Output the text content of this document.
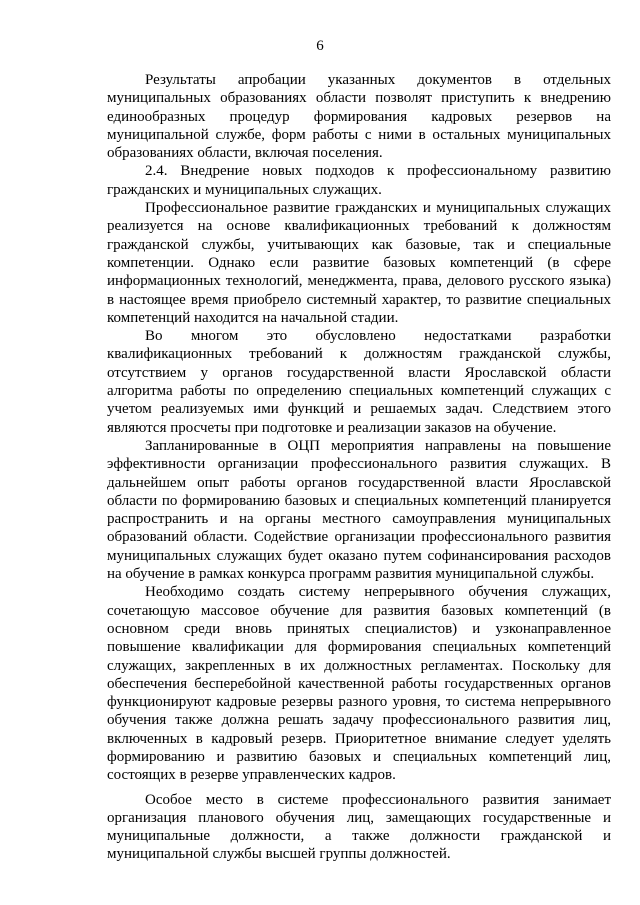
6

Результаты апробации указанных документов в отдельных муниципальных образованиях области позволят приступить к внедрению единообразных процедур формирования кадровых резервов на муниципальной службе, форм работы с ними в остальных муниципальных образованиях области, включая поселения.

2.4. Внедрение новых подходов к профессиональному развитию гражданских и муниципальных служащих.

Профессиональное развитие гражданских и муниципальных служащих реализуется на основе квалификационных требований к должностям гражданской службы, учитывающих как базовые, так и специальные компетенции. Однако если развитие базовых компетенций (в сфере информационных технологий, менеджмента, права, делового русского языка) в настоящее время приобрело системный характер, то развитие специальных компетенций находится на начальной стадии.

Во многом это обусловлено недостатками разработки квалификационных требований к должностям гражданской службы, отсутствием у органов государственной власти Ярославской области алгоритма работы по определению специальных компетенций служащих с учетом реализуемых ими функций и решаемых задач. Следствием этого являются просчеты при подготовке и реализации заказов на обучение.

Запланированные в ОЦП мероприятия направлены на повышение эффективности организации профессионального развития служащих. В дальнейшем опыт работы органов государственной власти Ярославской области по формированию базовых и специальных компетенций планируется распространить и на органы местного самоуправления муниципальных образований области. Содействие организации профессионального развития муниципальных служащих будет оказано путем софинансирования расходов на обучение в рамках конкурса программ развития муниципальной службы.

Необходимо создать систему непрерывного обучения служащих, сочетающую массовое обучение для развития базовых компетенций (в основном среди вновь принятых специалистов) и узконаправленное повышение квалификации для формирования специальных компетенций служащих, закрепленных в их должностных регламентах. Поскольку для обеспечения бесперебойной качественной работы государственных органов функционируют кадровые резервы разного уровня, то система непрерывного обучения также должна решать задачу профессионального развития лиц, включенных в кадровый резерв. Приоритетное внимание следует уделять формированию и развитию базовых и специальных компетенций лиц, состоящих в резерве управленческих кадров.

Особое место в системе профессионального развития занимает организация планового обучения лиц, замещающих государственные и муниципальные должности, а также должности гражданской и муниципальной службы высшей группы должностей.
